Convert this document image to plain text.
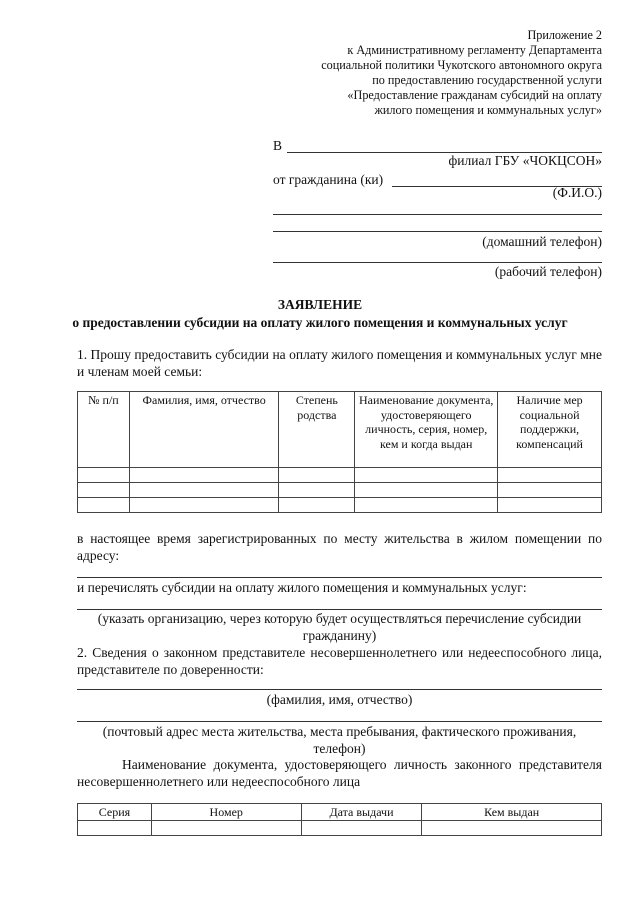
Приложение 2
к Административному регламенту Департамента
социальной политики Чукотского автономного округа
по предоставлению государственной услуги
«Предоставление гражданам субсидий на оплату
жилого помещения и коммунальных услуг»
В
филиал ГБУ «ЧОКЦСОН»
от гражданина (ки)
(Ф.И.О.)
(домашний телефон)
(рабочий телефон)
ЗАЯВЛЕНИЕ
о предоставлении субсидии на оплату жилого помещения и коммунальных услуг
1. Прошу предоставить субсидии на оплату жилого помещения и коммунальных услуг мне и членам моей семьи:
№ п/п	Фамилия, имя, отчество	Степень родства	Наименование документа, удостоверяющего личность, серия, номер, кем и когда выдан	Наличие мер социальной поддержки, компенсаций

в настоящее время зарегистрированных по месту жительства в жилом помещении по адресу:
и перечислять субсидии на оплату жилого помещения и коммунальных услуг:
(указать организацию, через которую будет осуществляться перечисление субсидии гражданину)
2. Сведения о законном представителе несовершеннолетнего или недееспособного лица, представителе по доверенности:
(фамилия, имя, отчество)
(почтовый адрес места жительства, места пребывания, фактического проживания, телефон)
Наименование документа, удостоверяющего личность законного представителя несовершеннолетнего или недееспособного лица
Серия	Номер	Дата выдачи	Кем выдан
